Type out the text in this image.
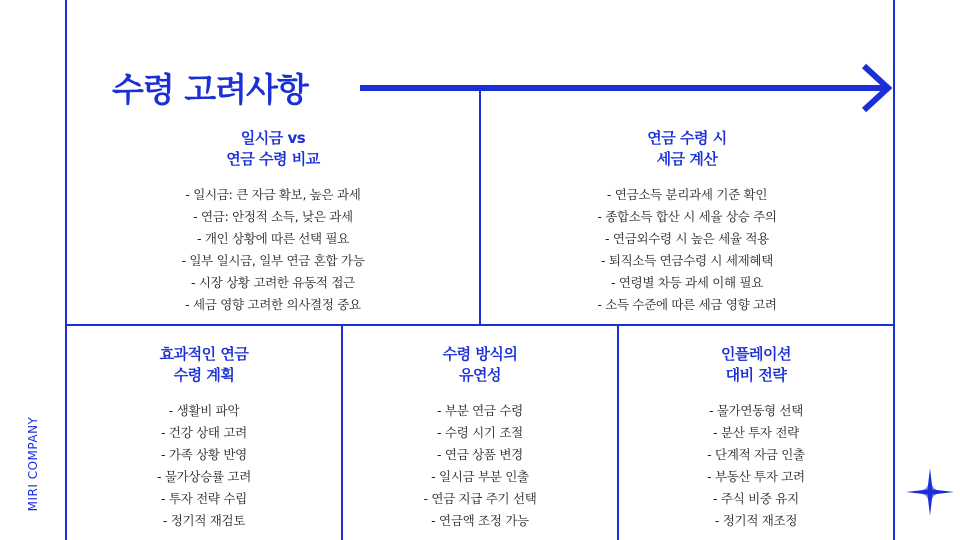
수령 고려사항
MIRI COMPANY
일시금 vs
연금 수령 비교
- 일시금: 큰 자금 확보, 높은 과세
- 연금: 안정적 소득, 낮은 과세
- 개인 상황에 따른 선택 필요
- 일부 일시금, 일부 연금 혼합 가능
- 시장 상황 고려한 유동적 접근
- 세금 영향 고려한 의사결정 중요
연금 수령 시
세금 계산
- 연금소득 분리과세 기준 확인
- 종합소득 합산 시 세율 상승 주의
- 연금외수령 시 높은 세율 적용
- 퇴직소득 연금수령 시 세제혜택
- 연령별 차등 과세 이해 필요
- 소득 수준에 따른 세금 영향 고려
효과적인 연금
수령 계획
- 생활비 파악
- 건강 상태 고려
- 가족 상황 반영
- 물가상승률 고려
- 투자 전략 수립
- 정기적 재검토
수령 방식의
유연성
- 부분 연금 수령
- 수령 시기 조절
- 연금 상품 변경
- 일시금 부분 인출
- 연금 지급 주기 선택
- 연금액 조정 가능
인플레이션
대비 전략
- 물가연동형 선택
- 분산 투자 전략
- 단계적 자금 인출
- 부동산 투자 고려
- 주식 비중 유지
- 정기적 재조정
